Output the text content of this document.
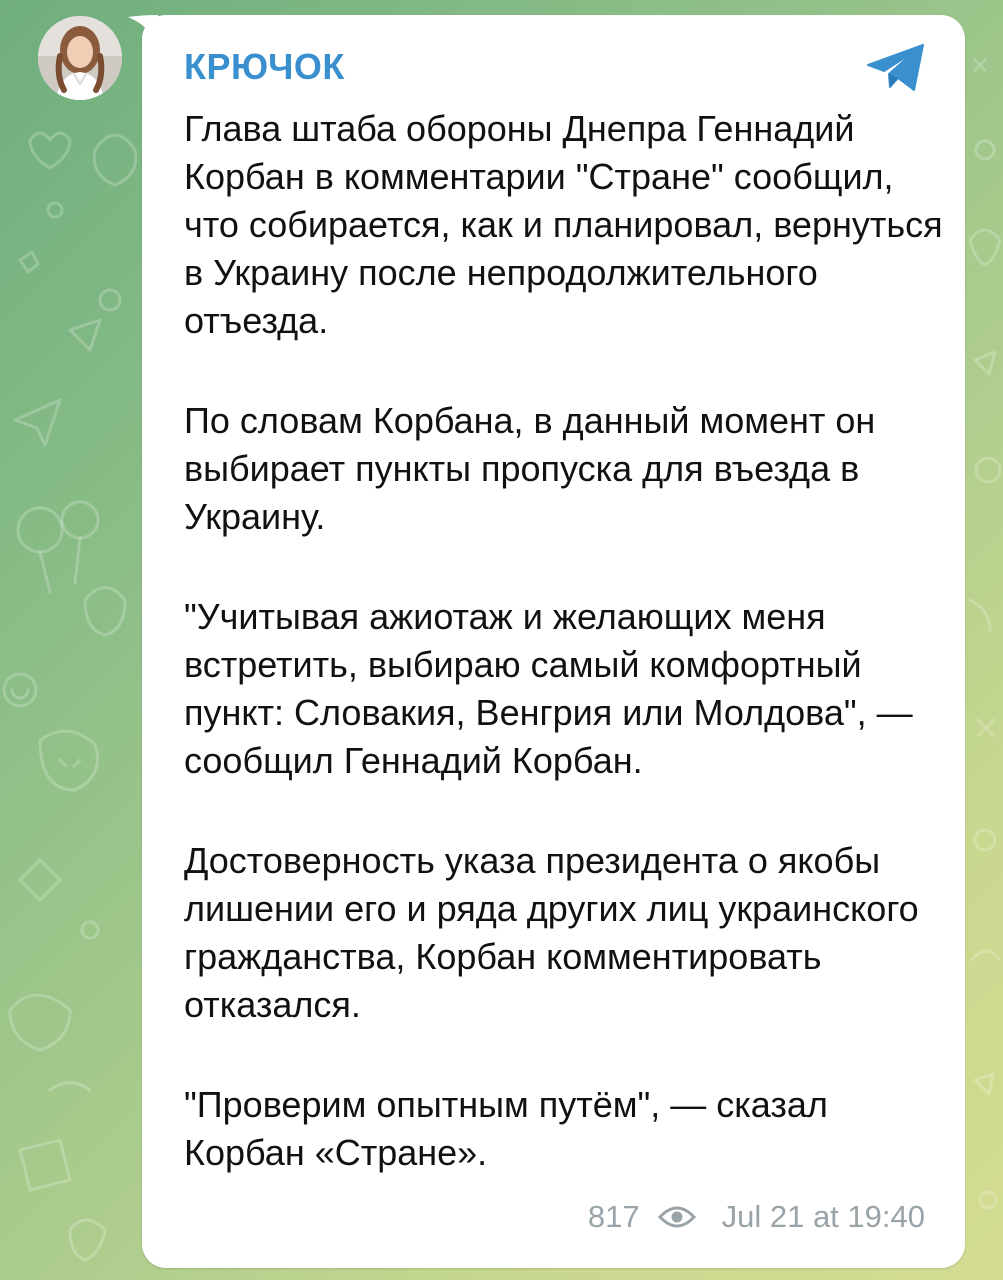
КРЮЧОК

Глава штаба обороны Днепра Геннадий Корбан в комментарии "Стране" сообщил, что собирается, как и планировал, вернуться в Украину после непродолжительного отъезда.

По словам Корбана, в данный момент он выбирает пункты пропуска для въезда в Украину.

"Учитывая ажиотаж и желающих меня встретить, выбираю самый комфортный пункт: Словакия, Венгрия или Молдова", — сообщил Геннадий Корбан.

Достоверность указа президента о якобы лишении его и ряда других лиц украинского гражданства, Корбан комментировать отказался.

"Проверим опытным путём", — сказал Корбан «Стране».

817	Jul 21 at 19:40
